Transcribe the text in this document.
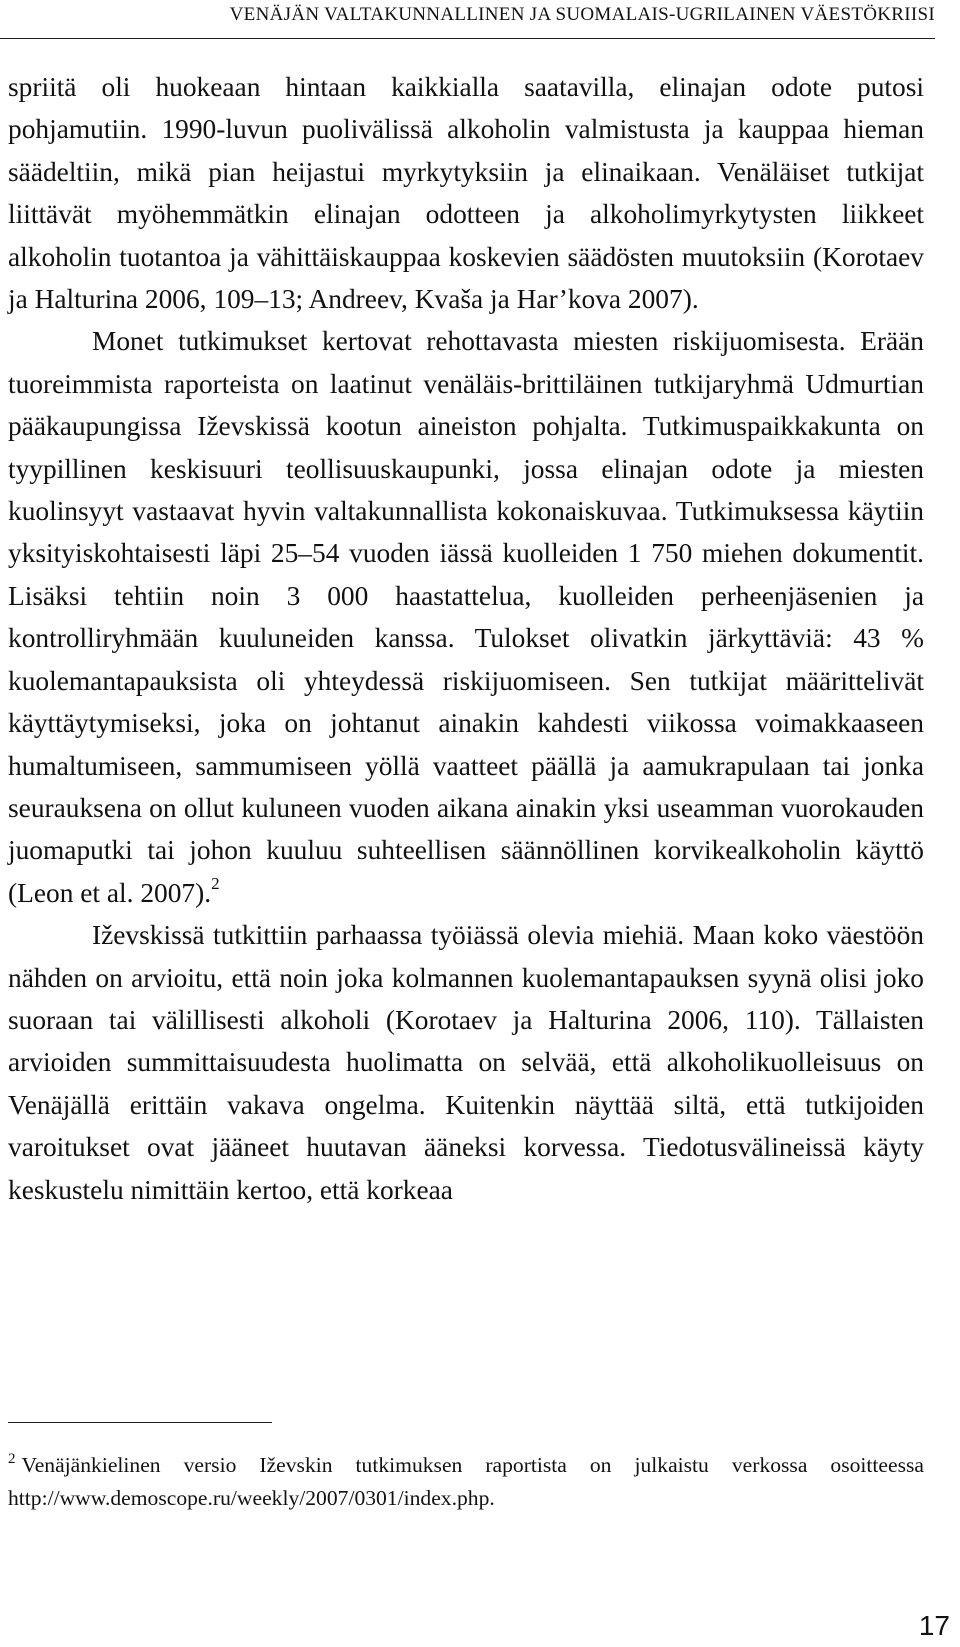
VENÄJÄN VALTAKUNNALLINEN JA SUOMALAIS-UGRILAINEN VÄESTÖKRIISI

spriitä oli huokeaan hintaan kaikkialla saatavilla, elinajan odote putosi pohjamutiin. 1990-luvun puolivälissä alkoholin valmistusta ja kauppaa hieman säädeltiin, mikä pian heijastui myrkytyksiin ja elinaikaan. Venäläiset tutkijat liittävät myöhemmätkin elinajan odotteen ja alkoholimyrkytysten liikkeet alkoholin tuotantoa ja vähittäiskauppaa koskevien säädösten muutoksiin (Korotaev ja Halturina 2006, 109–13; Andreev, Kvaša ja Har’kova 2007).

Monet tutkimukset kertovat rehottavasta miesten riskijuomisesta. Erään tuoreimmista raporteista on laatinut venäläis-brittiläinen tutkijaryhmä Udmurtian pääkaupungissa Iževskissä kootun aineiston pohjalta. Tutkimuspaikkakunta on tyypillinen keskisuuri teollisuuskaupunki, jossa elinajan odote ja miesten kuolinsyyt vastaavat hyvin valtakunnallista kokonaiskuvaa. Tutkimuksessa käytiin yksityiskohtaisesti läpi 25–54 vuoden iässä kuolleiden 1 750 miehen dokumentit. Lisäksi tehtiin noin 3 000 haastattelua, kuolleiden perheenjäsenien ja kontrolliryhmään kuuluneiden kanssa. Tulokset olivatkin järkyttäviä: 43 % kuolemantapauksista oli yhteydessä riskijuomiseen. Sen tutkijat määrittelivät käyttäytymiseksi, joka on johtanut ainakin kahdesti viikossa voimakkaaseen humaltumiseen, sammumiseen yöllä vaatteet päällä ja aamukrapulaan tai jonka seurauksena on ollut kuluneen vuoden aikana ainakin yksi useamman vuorokauden juomaputki tai johon kuuluu suhteellisen säännöllinen korvikealkoholin käyttö (Leon et al. 2007).$^2$

Iževskissä tutkittiin parhaassa työiässä olevia miehiä. Maan koko väestöön nähden on arvioitu, että noin joka kolmannen kuolemantapauksen syynä olisi joko suoraan tai välillisesti alkoholi (Korotaev ja Halturina 2006, 110). Tällaisten arvioiden summittaisuudesta huolimatta on selvää, että alkoholikuolleisuus on Venäjällä erittäin vakava ongelma. Kuitenkin näyttää siltä, että tutkijoiden varoitukset ovat jääneet huutavan ääneksi korvessa. Tiedotusvälineissä käyty keskustelu nimittäin kertoo, että korkeaa

$^2$ Venäjänkielinen versio Iževskin tutkimuksen raportista on julkaistu verkossa osoitteessa http://www.demoscope.ru/weekly/2007/0301/index.php.

17
